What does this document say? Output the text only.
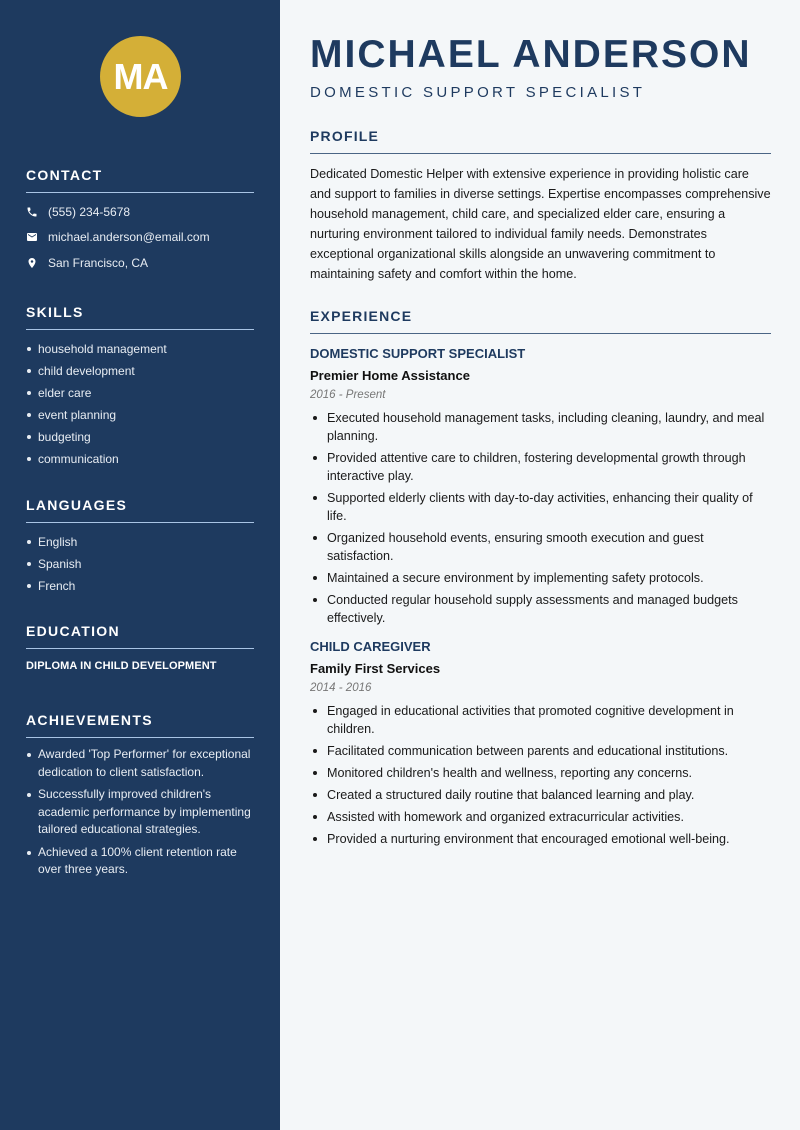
MA
CONTACT
(555) 234-5678
michael.anderson@email.com
San Francisco, CA
SKILLS
household management
child development
elder care
event planning
budgeting
communication
LANGUAGES
English
Spanish
French
EDUCATION
DIPLOMA IN CHILD DEVELOPMENT
ACHIEVEMENTS
Awarded 'Top Performer' for exceptional dedication to client satisfaction.
Successfully improved children's academic performance by implementing tailored educational strategies.
Achieved a 100% client retention rate over three years.
MICHAEL ANDERSON
DOMESTIC SUPPORT SPECIALIST
PROFILE

Dedicated Domestic Helper with extensive experience in providing holistic care and support to families in diverse settings. Expertise encompasses comprehensive household management, child care, and specialized elder care, ensuring a nurturing environment tailored to individual family needs. Demonstrates exceptional organizational skills alongside an unwavering commitment to maintaining safety and comfort within the home.

EXPERIENCE
DOMESTIC SUPPORT SPECIALIST
Premier Home Assistance
2016 - Present
Executed household management tasks, including cleaning, laundry, and meal planning.
Provided attentive care to children, fostering developmental growth through interactive play.
Supported elderly clients with day-to-day activities, enhancing their quality of life.
Organized household events, ensuring smooth execution and guest satisfaction.
Maintained a secure environment by implementing safety protocols.
Conducted regular household supply assessments and managed budgets effectively.
CHILD CAREGIVER
Family First Services
2014 - 2016
Engaged in educational activities that promoted cognitive development in children.
Facilitated communication between parents and educational institutions.
Monitored children's health and wellness, reporting any concerns.
Created a structured daily routine that balanced learning and play.
Assisted with homework and organized extracurricular activities.
Provided a nurturing environment that encouraged emotional well-being.
